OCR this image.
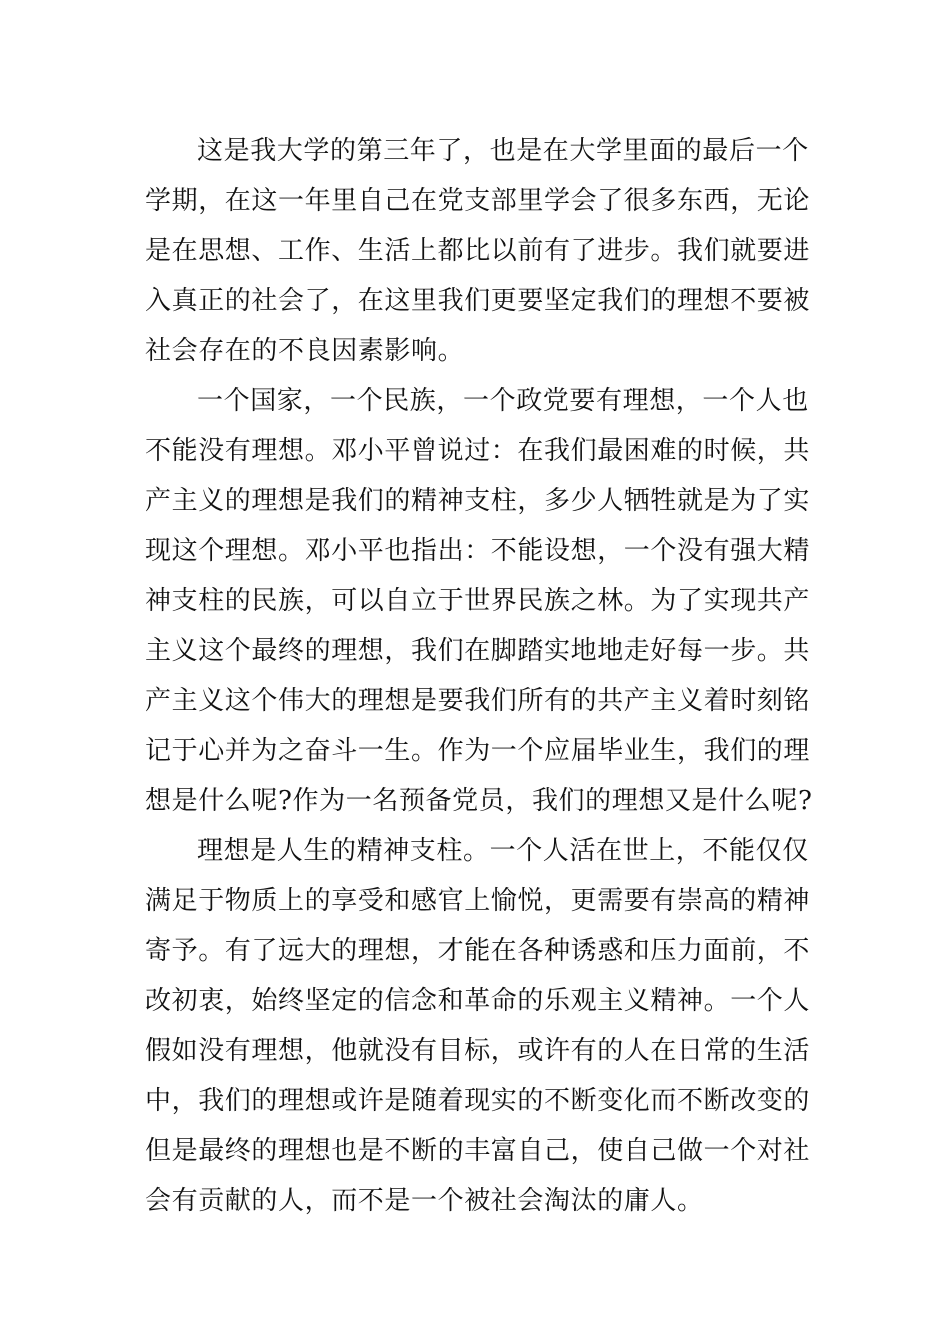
这是我大学的第三年了，也是在大学里面的最后一个
学期，在这一年里自己在党支部里学会了很多东西，无论
是在思想、工作、生活上都比以前有了进步。我们就要进
入真正的社会了，在这里我们更要坚定我们的理想不要被
社会存在的不良因素影响。
一个国家，一个民族，一个政党要有理想，一个人也
不能没有理想。邓小平曾说过：在我们最困难的时候，共
产主义的理想是我们的精神支柱，多少人牺牲就是为了实
现这个理想。邓小平也指出：不能设想，一个没有强大精
神支柱的民族，可以自立于世界民族之林。为了实现共产
主义这个最终的理想，我们在脚踏实地地走好每一步。共
产主义这个伟大的理想是要我们所有的共产主义着时刻铭
记于心并为之奋斗一生。作为一个应届毕业生，我们的理
想是什么呢?作为一名预备党员，我们的理想又是什么呢?
理想是人生的精神支柱。一个人活在世上，不能仅仅
满足于物质上的享受和感官上愉悦，更需要有崇高的精神
寄予。有了远大的理想，才能在各种诱惑和压力面前，不
改初衷，始终坚定的信念和革命的乐观主义精神。一个人
假如没有理想，他就没有目标，或许有的人在日常的生活
中，我们的理想或许是随着现实的不断变化而不断改变的
但是最终的理想也是不断的丰富自己，使自己做一个对社
会有贡献的人，而不是一个被社会淘汰的庸人。
